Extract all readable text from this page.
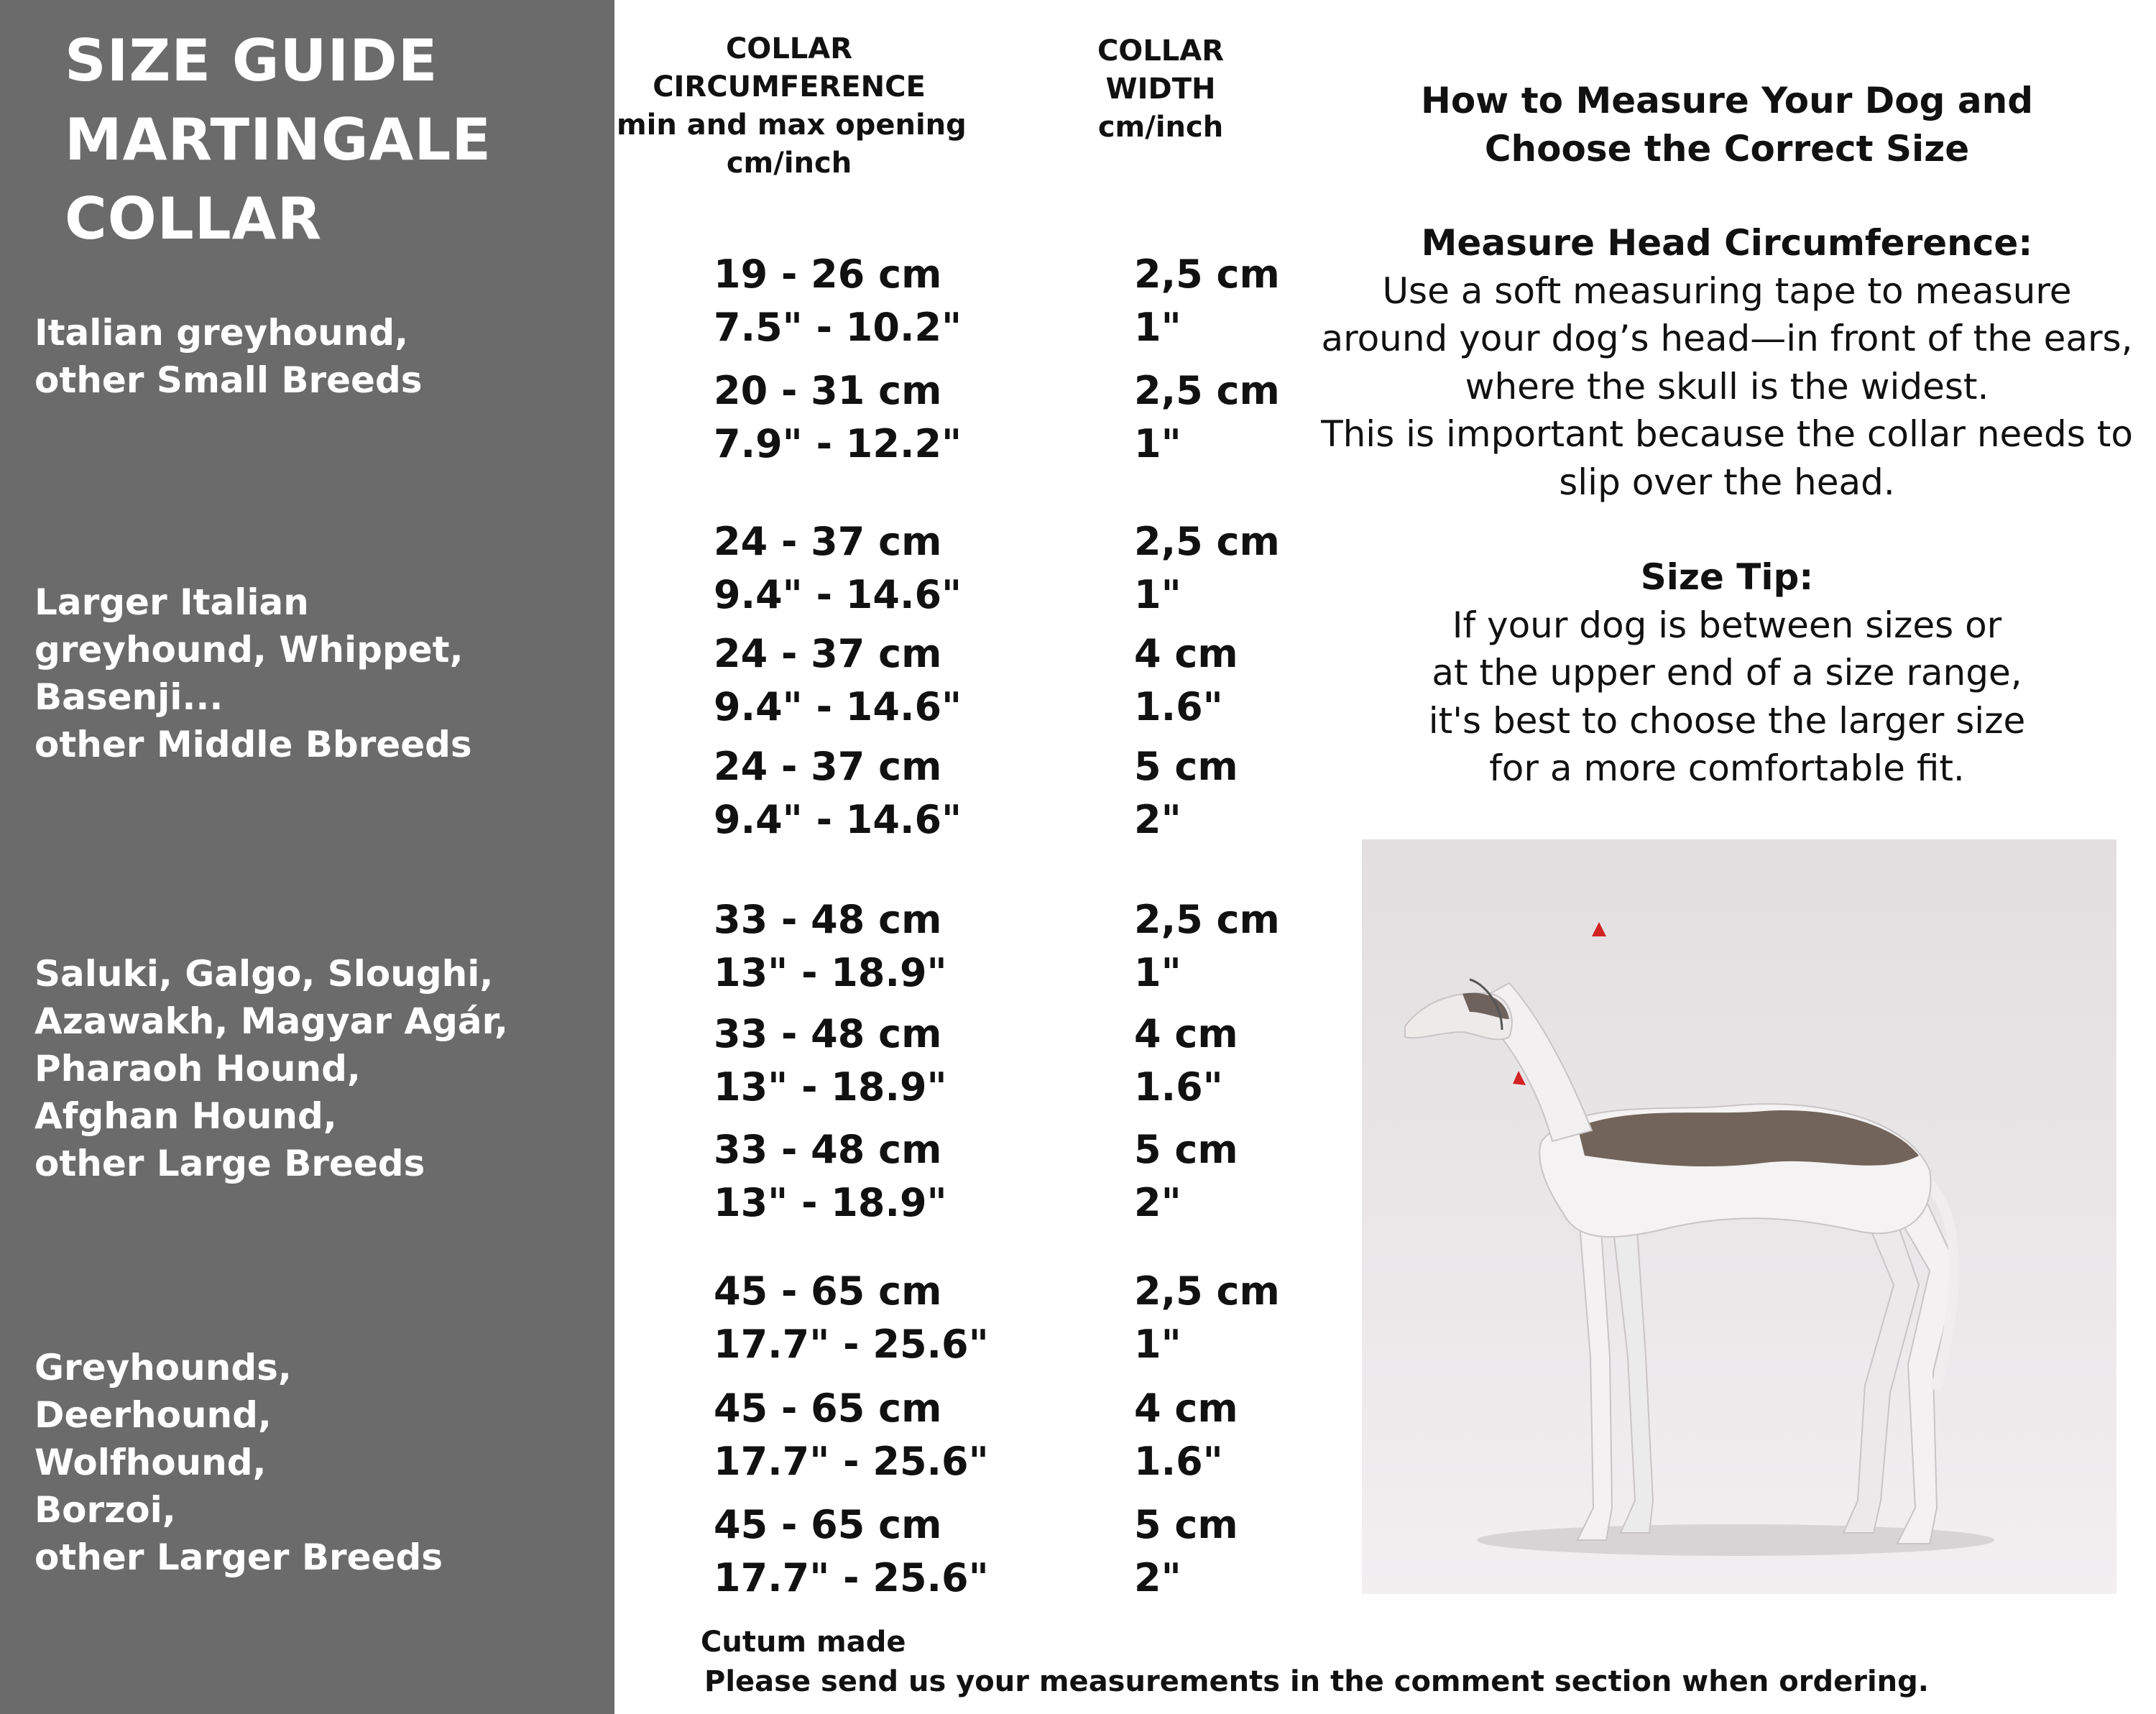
SIZE GUIDE
MARTINGALE
COLLAR
Italian greyhound,
other Small Breeds
Larger Italian
greyhound, Whippet,
Basenji...
other Middle Bbreeds
Saluki, Galgo, Sloughi,
Azawakh, Magyar Agár,
Pharaoh Hound,
Afghan Hound,
other Large Breeds
Greyhounds,
Deerhound,
Wolfhound,
Borzoi,
other Larger Breeds
COLLAR
CIRCUMFERENCE
min and max opening
cm/inch
COLLAR
WIDTH
cm/inch
19 - 26 cm
7.5" - 10.2"
2,5 cm
1"
20 - 31 cm
7.9" - 12.2"
2,5 cm
1"
24 - 37 cm
9.4" - 14.6"
2,5 cm
1"
24 - 37 cm
9.4" - 14.6"
4 cm
1.6"
24 - 37 cm
9.4" - 14.6"
5 cm
2"
33 - 48 cm
13" - 18.9"
2,5 cm
1"
33 - 48 cm
13" - 18.9"
4 cm
1.6"
33 - 48 cm
13" - 18.9"
5 cm
2"
45 - 65 cm
17.7" - 25.6"
2,5 cm
1"
45 - 65 cm
17.7" - 25.6"
4 cm
1.6"
45 - 65 cm
17.7" - 25.6"
5 cm
2"
How to Measure Your Dog and
Choose the Correct Size
Measure Head Circumference:
Use a soft measuring tape to measure
around your dog’s head—in front of the ears,
where the skull is the widest.
This is important because the collar needs to
slip over the head.
Size Tip:
If your dog is between sizes or
at the upper end of a size range,
it's best to choose the larger size
for a more comfortable fit.
Cutum made
Please send us your measurements in the comment section when ordering.
